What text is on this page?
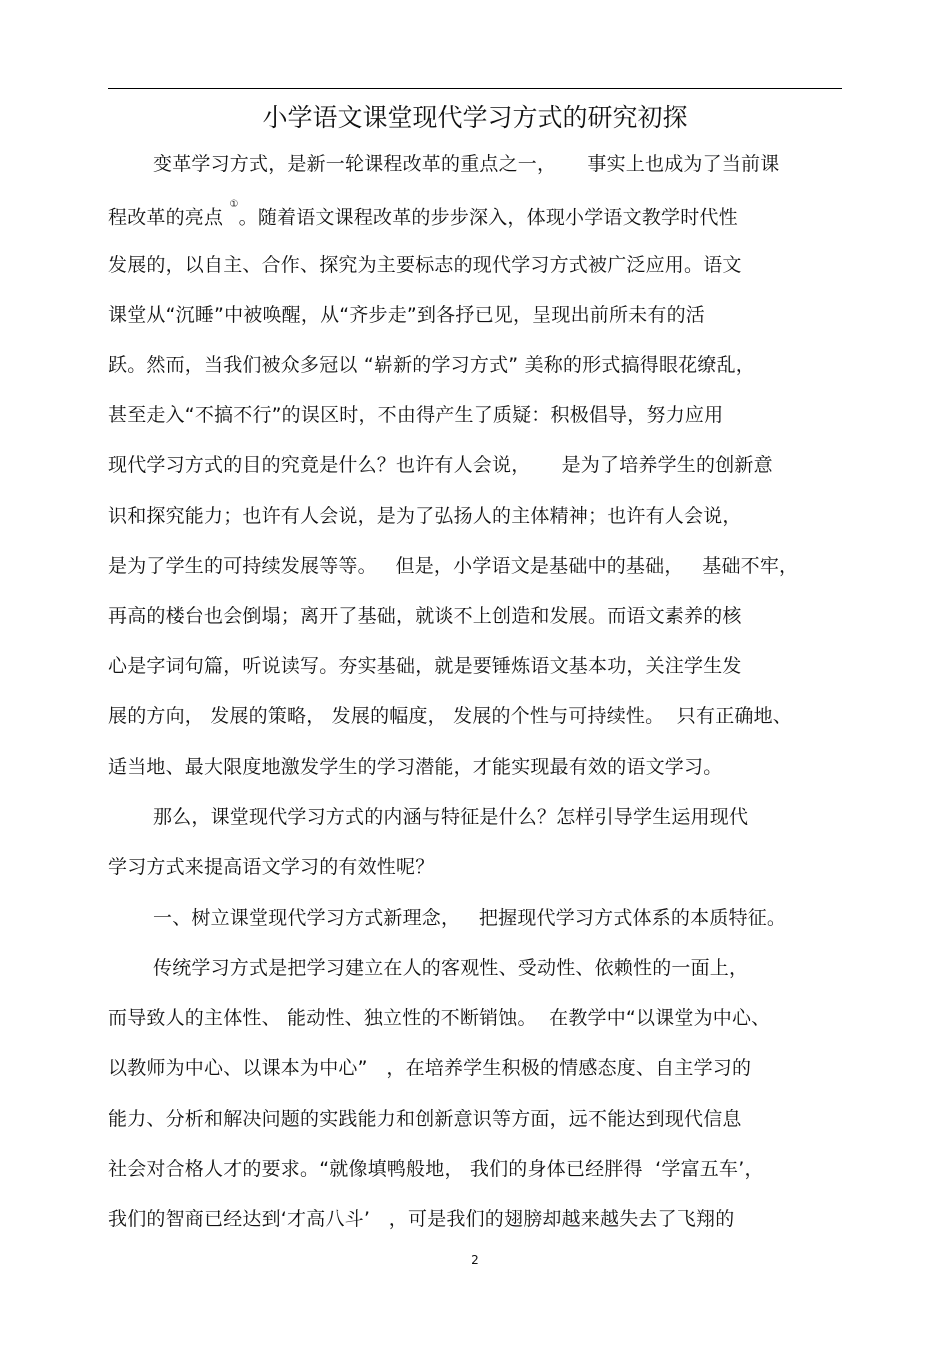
小学语文课堂现代学习方式的研究初探
变革学习方式，是新一轮课程改革的重点之一，     事实上也成为了当前课
程改革的亮点 ①。随着语文课程改革的步步深入，体现小学语文教学时代性
发展的，以自主、合作、探究为主要标志的现代学习方式被广泛应用。语文
课堂从“沉睡”中被唤醒，从“齐步走”到各抒已见，呈现出前所未有的活
跃。然而，当我们被众多冠以 “崭新的学习方式” 美称的形式搞得眼花缭乱，
甚至走入“不搞不行”的误区时，不由得产生了质疑：积极倡导，努力应用
现代学习方式的目的究竟是什么？也许有人会说，     是为了培养学生的创新意
识和探究能力；也许有人会说，是为了弘扬人的主体精神；也许有人会说，
是为了学生的可持续发展等等。   但是，小学语文是基础中的基础，   基础不牢，
再高的楼台也会倒塌；离开了基础，就谈不上创造和发展。而语文素养的核
心是字词句篇，听说读写。夯实基础，就是要锤炼语文基本功，关注学生发
展的方向， 发展的策略， 发展的幅度， 发展的个性与可持续性。  只有正确地、
适当地、最大限度地激发学生的学习潜能，才能实现最有效的语文学习。
那么，课堂现代学习方式的内涵与特征是什么？怎样引导学生运用现代
学习方式来提高语文学习的有效性呢？
一、树立课堂现代学习方式新理念，   把握现代学习方式体系的本质特征。
传统学习方式是把学习建立在人的客观性、受动性、依赖性的一面上，
而导致人的主体性、 能动性、独立性的不断销蚀。  在教学中“以课堂为中心、
以教师为中心、以课本为中心”   ，在培养学生积极的情感态度、自主学习的
能力、分析和解决问题的实践能力和创新意识等方面，远不能达到现代信息
社会对合格人才的要求。“就像填鸭般地， 我们的身体已经胖得  ‘学富五车’，
我们的智商已经达到‘才高八斗’   ，可是我们的翅膀却越来越失去了飞翔的
2
